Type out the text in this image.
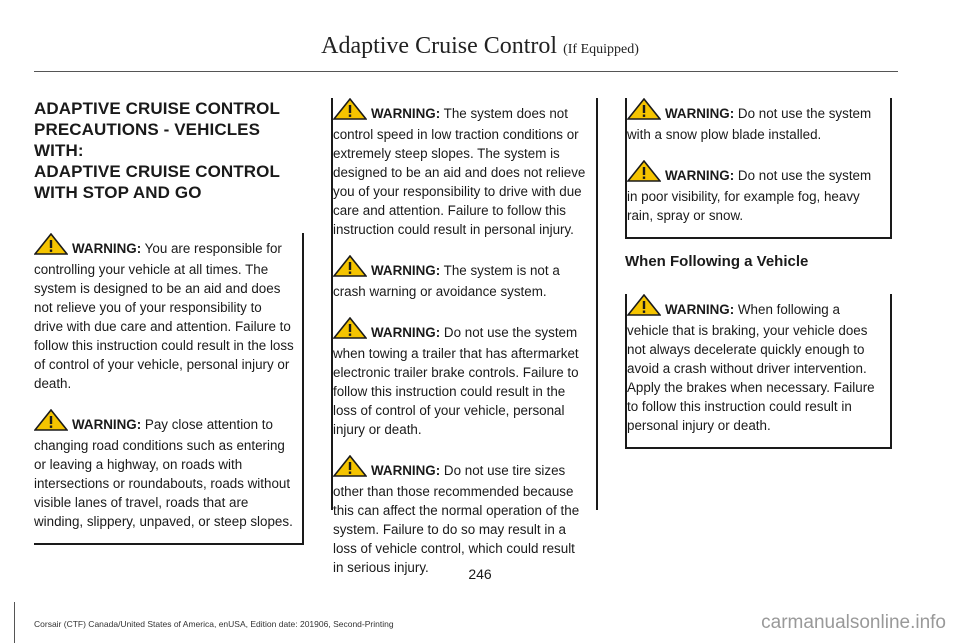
Adaptive Cruise Control (If Equipped)
ADAPTIVE CRUISE CONTROL
PRECAUTIONS - VEHICLES WITH:
ADAPTIVE CRUISE CONTROL
WITH STOP AND GO

WARNING: You are responsible for controlling your vehicle at all times. The system is designed to be an aid and does not relieve you of your responsibility to drive with due care and attention. Failure to follow this instruction could result in the loss of control of your vehicle, personal injury or death.

WARNING: Pay close attention to changing road conditions such as entering or leaving a highway, on roads with intersections or roundabouts, roads without visible lanes of travel, roads that are winding, slippery, unpaved, or steep slopes.

WARNING: The system does not control speed in low traction conditions or extremely steep slopes. The system is designed to be an aid and does not relieve you of your responsibility to drive with due care and attention. Failure to follow this instruction could result in personal injury.

WARNING: The system is not a crash warning or avoidance system.

WARNING: Do not use the system when towing a trailer that has aftermarket electronic trailer brake controls. Failure to follow this instruction could result in the loss of control of your vehicle, personal injury or death.

WARNING: Do not use tire sizes other than those recommended because this can affect the normal operation of the system. Failure to do so may result in a loss of vehicle control, which could result in serious injury.

WARNING: Do not use the system with a snow plow blade installed.

WARNING: Do not use the system in poor visibility, for example fog, heavy rain, spray or snow.

When Following a Vehicle

WARNING: When following a vehicle that is braking, your vehicle does not always decelerate quickly enough to avoid a crash without driver intervention. Apply the brakes when necessary. Failure to follow this instruction could result in personal injury or death.

246
Corsair (CTF) Canada/United States of America, enUSA, Edition date: 201906, Second-Printing	carmanualsonline.info
